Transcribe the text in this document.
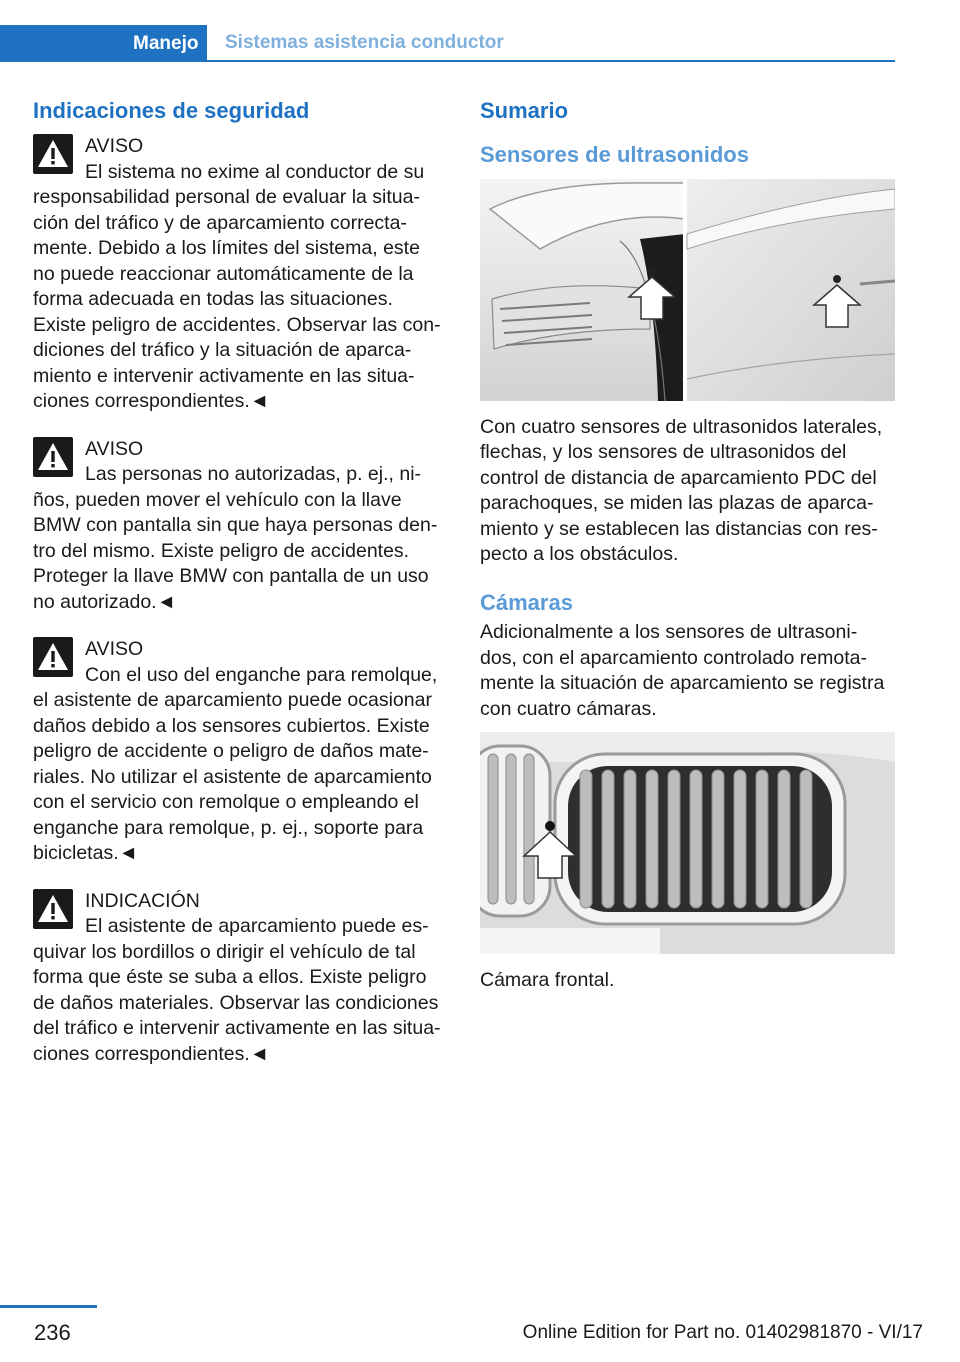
Manejo	Sistemas asistencia conductor
Indicaciones de seguridad
AVISO
El sistema no exime al conductor de su
responsabilidad personal de evaluar la situa-
ción del tráfico y de aparcamiento correcta-
mente. Debido a los límites del sistema, este
no puede reaccionar automáticamente de la
forma adecuada en todas las situaciones.
Existe peligro de accidentes. Observar las con-
diciones del tráfico y la situación de aparca-
miento e intervenir activamente en las situa-
ciones correspondientes.◄
AVISO
Las personas no autorizadas, p. ej., ni-
ños, pueden mover el vehículo con la llave
BMW con pantalla sin que haya personas den-
tro del mismo. Existe peligro de accidentes.
Proteger la llave BMW con pantalla de un uso
no autorizado.◄
AVISO
Con el uso del enganche para remolque,
el asistente de aparcamiento puede ocasionar
daños debido a los sensores cubiertos. Existe
peligro de accidente o peligro de daños mate-
riales. No utilizar el asistente de aparcamiento
con el servicio con remolque o empleando el
enganche para remolque, p. ej., soporte para
bicicletas.◄
INDICACIÓN
El asistente de aparcamiento puede es-
quivar los bordillos o dirigir el vehículo de tal
forma que éste se suba a ellos. Existe peligro
de daños materiales. Observar las condiciones
del tráfico e intervenir activamente en las situa-
ciones correspondientes.◄
Sumario
Sensores de ultrasonidos
Con cuatro sensores de ultrasonidos laterales,
flechas, y los sensores de ultrasonidos del
control de distancia de aparcamiento PDC del
parachoques, se miden las plazas de aparca-
miento y se establecen las distancias con res-
pecto a los obstáculos.
Cámaras
Adicionalmente a los sensores de ultrasoni-
dos, con el aparcamiento controlado remota-
mente la situación de aparcamiento se registra
con cuatro cámaras.
Cámara frontal.
236	Online Edition for Part no. 01402981870 - VI/17
